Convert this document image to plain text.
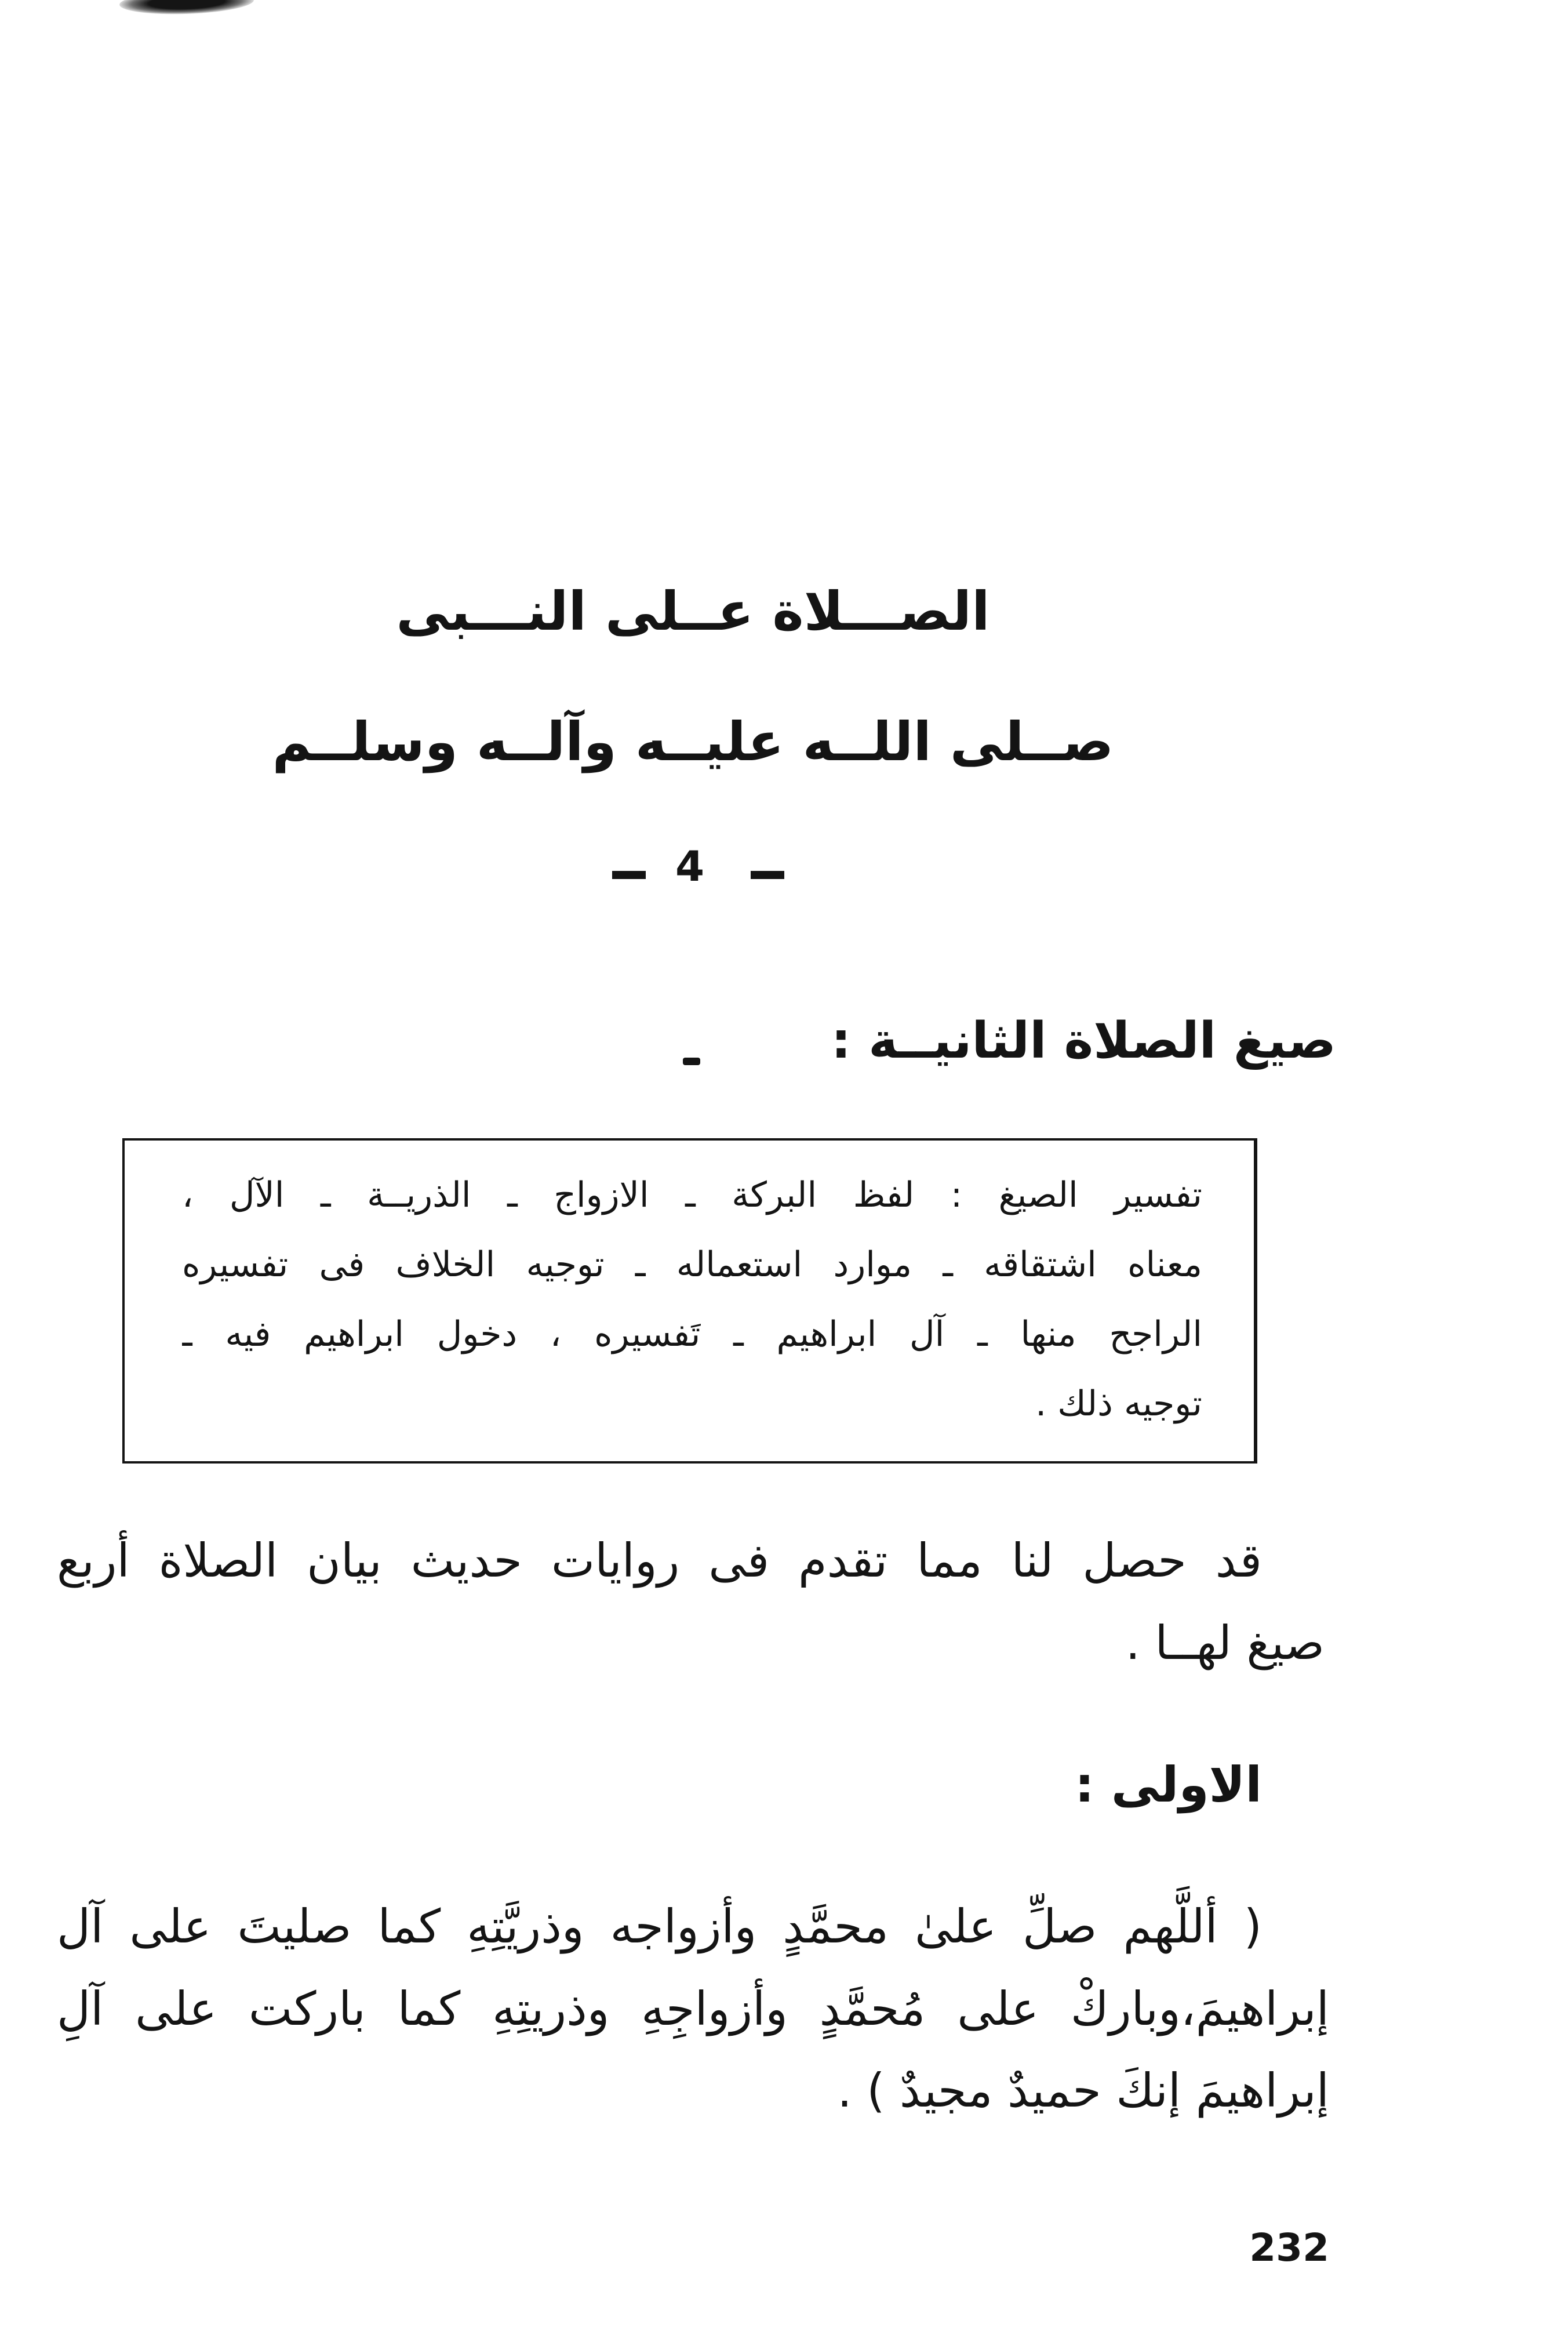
الصـــلاة عــلى النـــبى
صــلى اللــه عليــه وآلــه وسلــم
4
صيغ الصلاة الثانيــة :
تفسير الصيغ : لفظ البركة ـ الازواج ـ الذريــة ـ الآل ،
معناه اشتقاقه ـ موارد استعماله ـ توجيه الخلاف فى تفسيره
الراجح منها ـ آل ابراهيم ـ تَفسيره ، دخول ابراهيم فيه ـ
توجيه ذلك .
قد حصل لنا مما تقدم فى روايات حديث بيان الصلاة أربع
صيغ لهــا .
الاولى :
( أللَّهم صلِّ علىٰ محمَّدٍ وأزواجه وذريَّتِهِ كما صليتَ على آل
إبراهيمَ،وباركْ على مُحمَّدٍ وأزواجِهِ وذريتِهِ كما باركت على آلِ
إبراهيمَ إنكَ حميدٌ مجيدٌ ) .
232
